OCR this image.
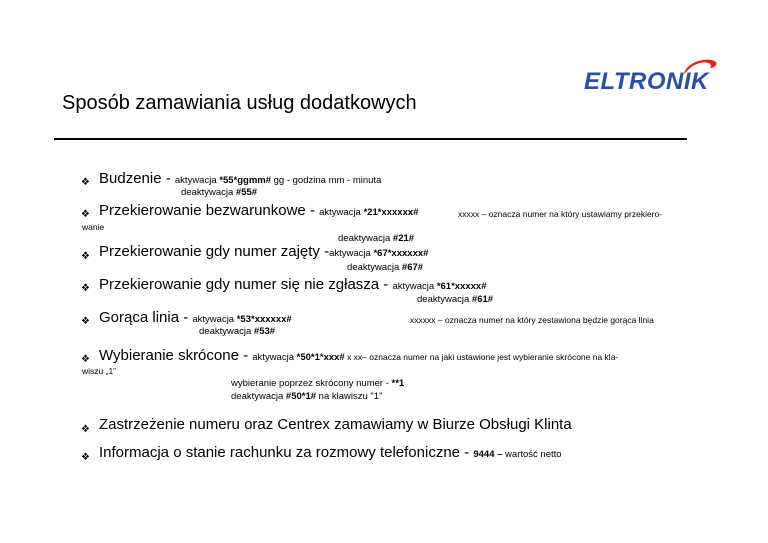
ELTRONIK
Sposób zamawiania usług dodatkowych
❖ Budzenie - aktywacja *55*ggmm# gg - godzina mm - minuta
deaktywacja #55#
❖ Przekierowanie bezwarunkowe - aktywacja *21*xxxxxx#	xxxxx – oznacza numer na który ustawiamy przekiero-
wanie
deaktywacja #21#
❖ Przekierowanie gdy numer zajęty -aktywacja *67*xxxxxx#
deaktywacja #67#
❖ Przekierowanie gdy numer się nie zgłasza - aktywacja *61*xxxxx#
deaktywacja #61#
❖ Gorąca linia - aktywacja *53*xxxxxx#	xxxxxx – oznacza numer na który zestawiona będzie gorąca linia
deaktywacja #53#
❖ Wybieranie skrócone - aktywacja *50*1*xxx# x xx– oznacza numer na jaki ustawione jest wybieranie skrócone na kla-
wiszu „1”
wybieranie poprzez skrócony numer - **1
deaktywacja #50*1# na klawiszu "1"
❖ Zastrzeżenie numeru oraz Centrex zamawiamy w Biurze Obsługi Klinta
❖ Informacja o stanie rachunku za rozmowy telefoniczne - 9444 – wartość netto
